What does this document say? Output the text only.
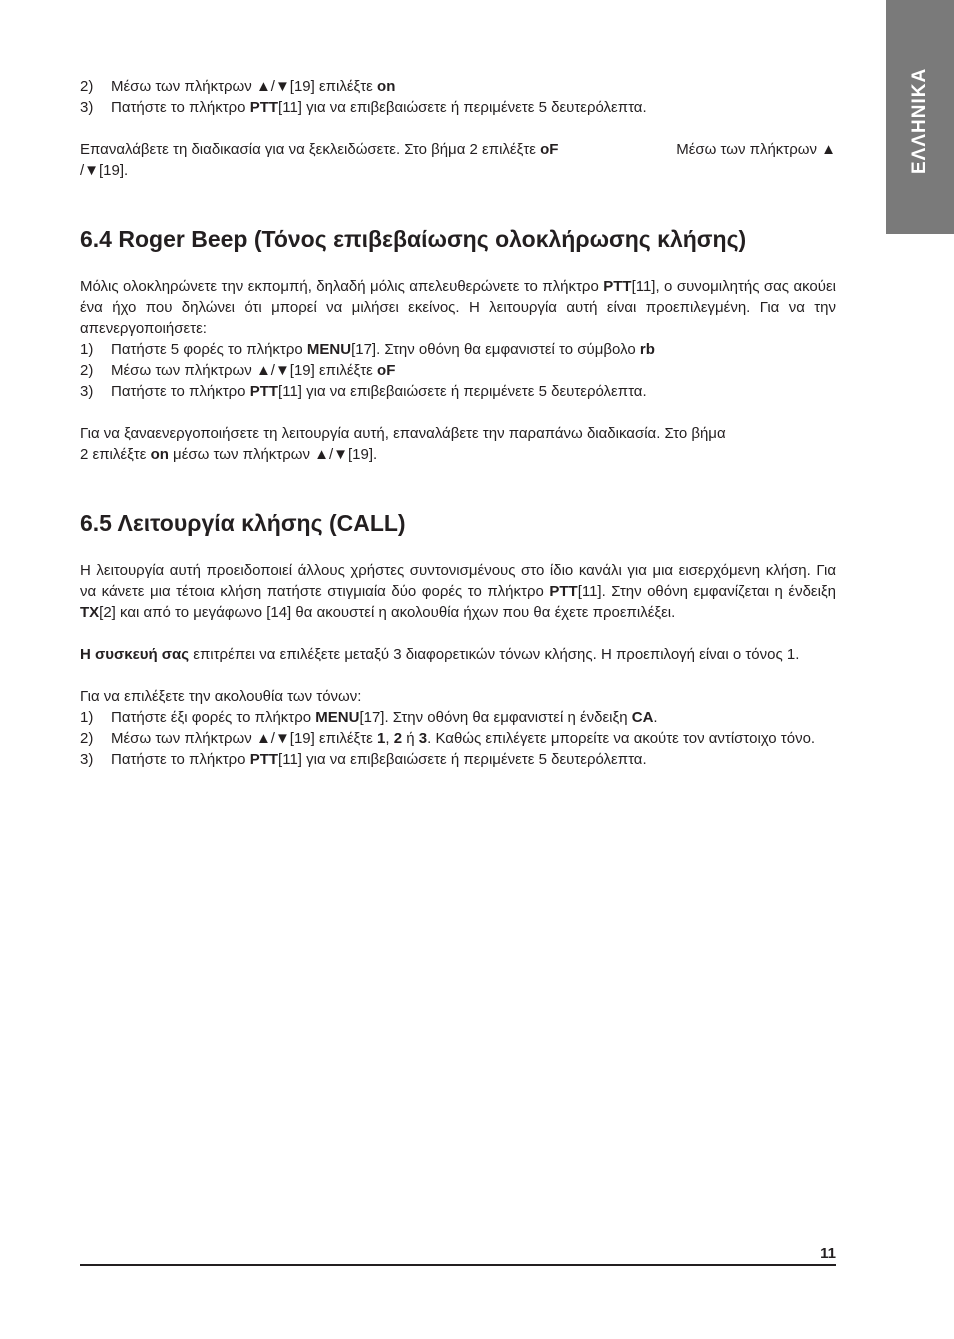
ΕΛΛΗΝΙΚΑ
2)	Μέσω των πλήκτρων ▲/▼[19] επιλέξτε on
3)	Πατήστε το πλήκτρο PTT[11] για να επιβεβαιώσετε ή περιμένετε 5 δευτερόλεπτα.

Επαναλάβετε τη διαδικασία για να ξεκλειδώσετε. Στο βήμα 2 επιλέξτε oF	Μέσω των πλήκτρων ▲

/▼[19].

6.4 Roger Beep (Τόνος επιβεβαίωσης ολοκλήρωσης κλήσης)

Μόλις ολοκληρώνετε την εκπομπή, δηλαδή μόλις απελευθερώνετε το πλήκτρο PTT[11], ο συνομιλητής σας ακούει ένα ήχο που δηλώνει ότι μπορεί να μιλήσει εκείνος. Η λειτουργία αυτή είναι προεπιλεγμένη. Για να την απενεργοποιήσετε:

1)	Πατήστε 5 φορές το πλήκτρο MENU[17]. Στην οθόνη θα εμφανιστεί το σύμβολο rb
2)	Μέσω των πλήκτρων ▲/▼[19] επιλέξτε oF
3)	Πατήστε το πλήκτρο PTT[11] για να επιβεβαιώσετε ή περιμένετε 5 δευτερόλεπτα.

Για να ξαναενεργοποιήσετε τη λειτουργία αυτή, επαναλάβετε την παραπάνω διαδικασία. Στο βήμα

2 επιλέξτε on μέσω των πλήκτρων ▲/▼[19].

6.5 Λειτουργία κλήσης (CALL)

Η λειτουργία αυτή προειδοποιεί άλλους χρήστες συντονισμένους στο ίδιο κανάλι για μια εισερχόμενη κλήση. Για να κάνετε μια τέτοια κλήση πατήστε στιγμιαία δύο φορές το πλήκτρο PTT[11]. Στην οθόνη εμφανίζεται η ένδειξη TX[2] και από το μεγάφωνο [14] θα ακουστεί η ακολουθία ήχων που θα έχετε προεπιλέξει.

Η συσκευή σας επιτρέπει να επιλέξετε μεταξύ 3 διαφορετικών τόνων κλήσης. Η προεπιλογή είναι ο τόνος 1.

Για να επιλέξετε την ακολουθία των τόνων:

1)	Πατήστε έξι φορές το πλήκτρο MENU[17]. Στην οθόνη θα εμφανιστεί η ένδειξη CA.
2)	Μέσω των πλήκτρων ▲/▼[19] επιλέξτε 1, 2 ή 3. Καθώς επιλέγετε μπορείτε να ακούτε τον αντίστοιχο τόνο.
3)	Πατήστε το πλήκτρο PTT[11] για να επιβεβαιώσετε ή περιμένετε 5 δευτερόλεπτα.
11
